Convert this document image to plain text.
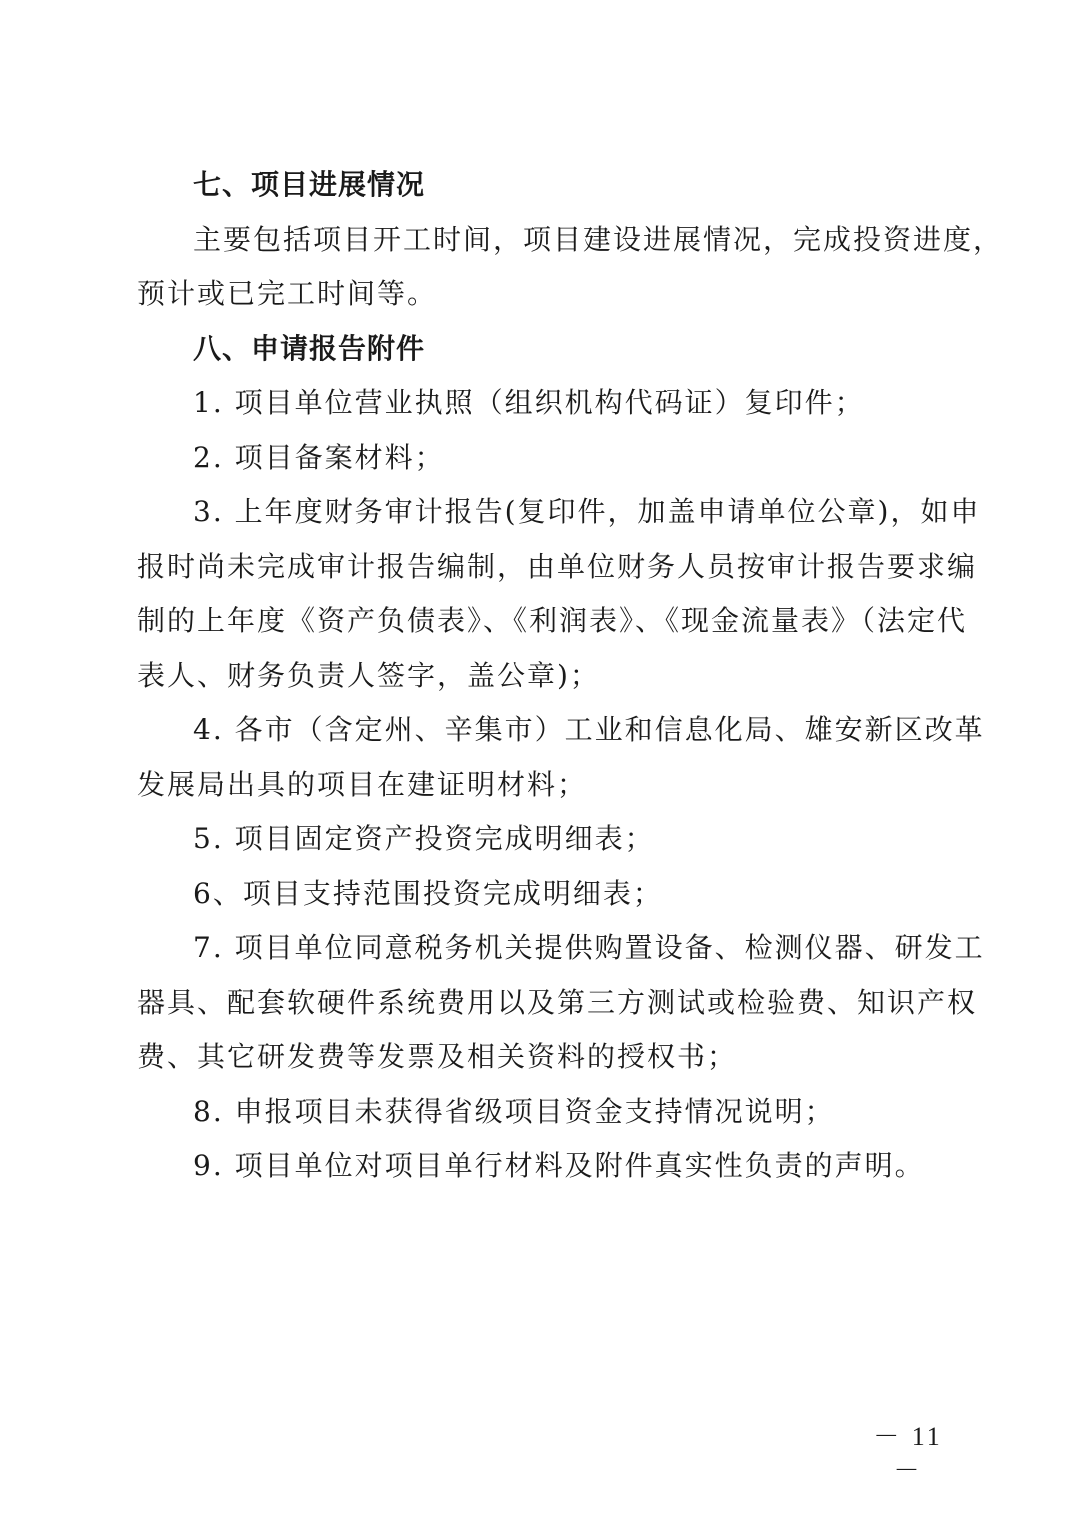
七、项目进展情况
主要包括项目开工时间，项目建设进展情况，完成投资进度，
预计或已完工时间等。
八、申请报告附件
1. 项目单位营业执照（组织机构代码证）复印件；
2. 项目备案材料；
3. 上年度财务审计报告(复印件，加盖申请单位公章)，如申
报时尚未完成审计报告编制，由单位财务人员按审计报告要求编
制的上年度《资产负债表》、《利润表》、《现金流量表》（法定代
表人、财务负责人签字，盖公章)；
4. 各市（含定州、辛集市）工业和信息化局、雄安新区改革
发展局出具的项目在建证明材料；
5. 项目固定资产投资完成明细表；
6、项目支持范围投资完成明细表；
7. 项目单位同意税务机关提供购置设备、检测仪器、研发工
器具、配套软硬件系统费用以及第三方测试或检验费、知识产权
费、其它研发费等发票及相关资料的授权书；
8. 申报项目未获得省级项目资金支持情况说明；
9. 项目单位对项目单行材料及附件真实性负责的声明。
－ 11 －
